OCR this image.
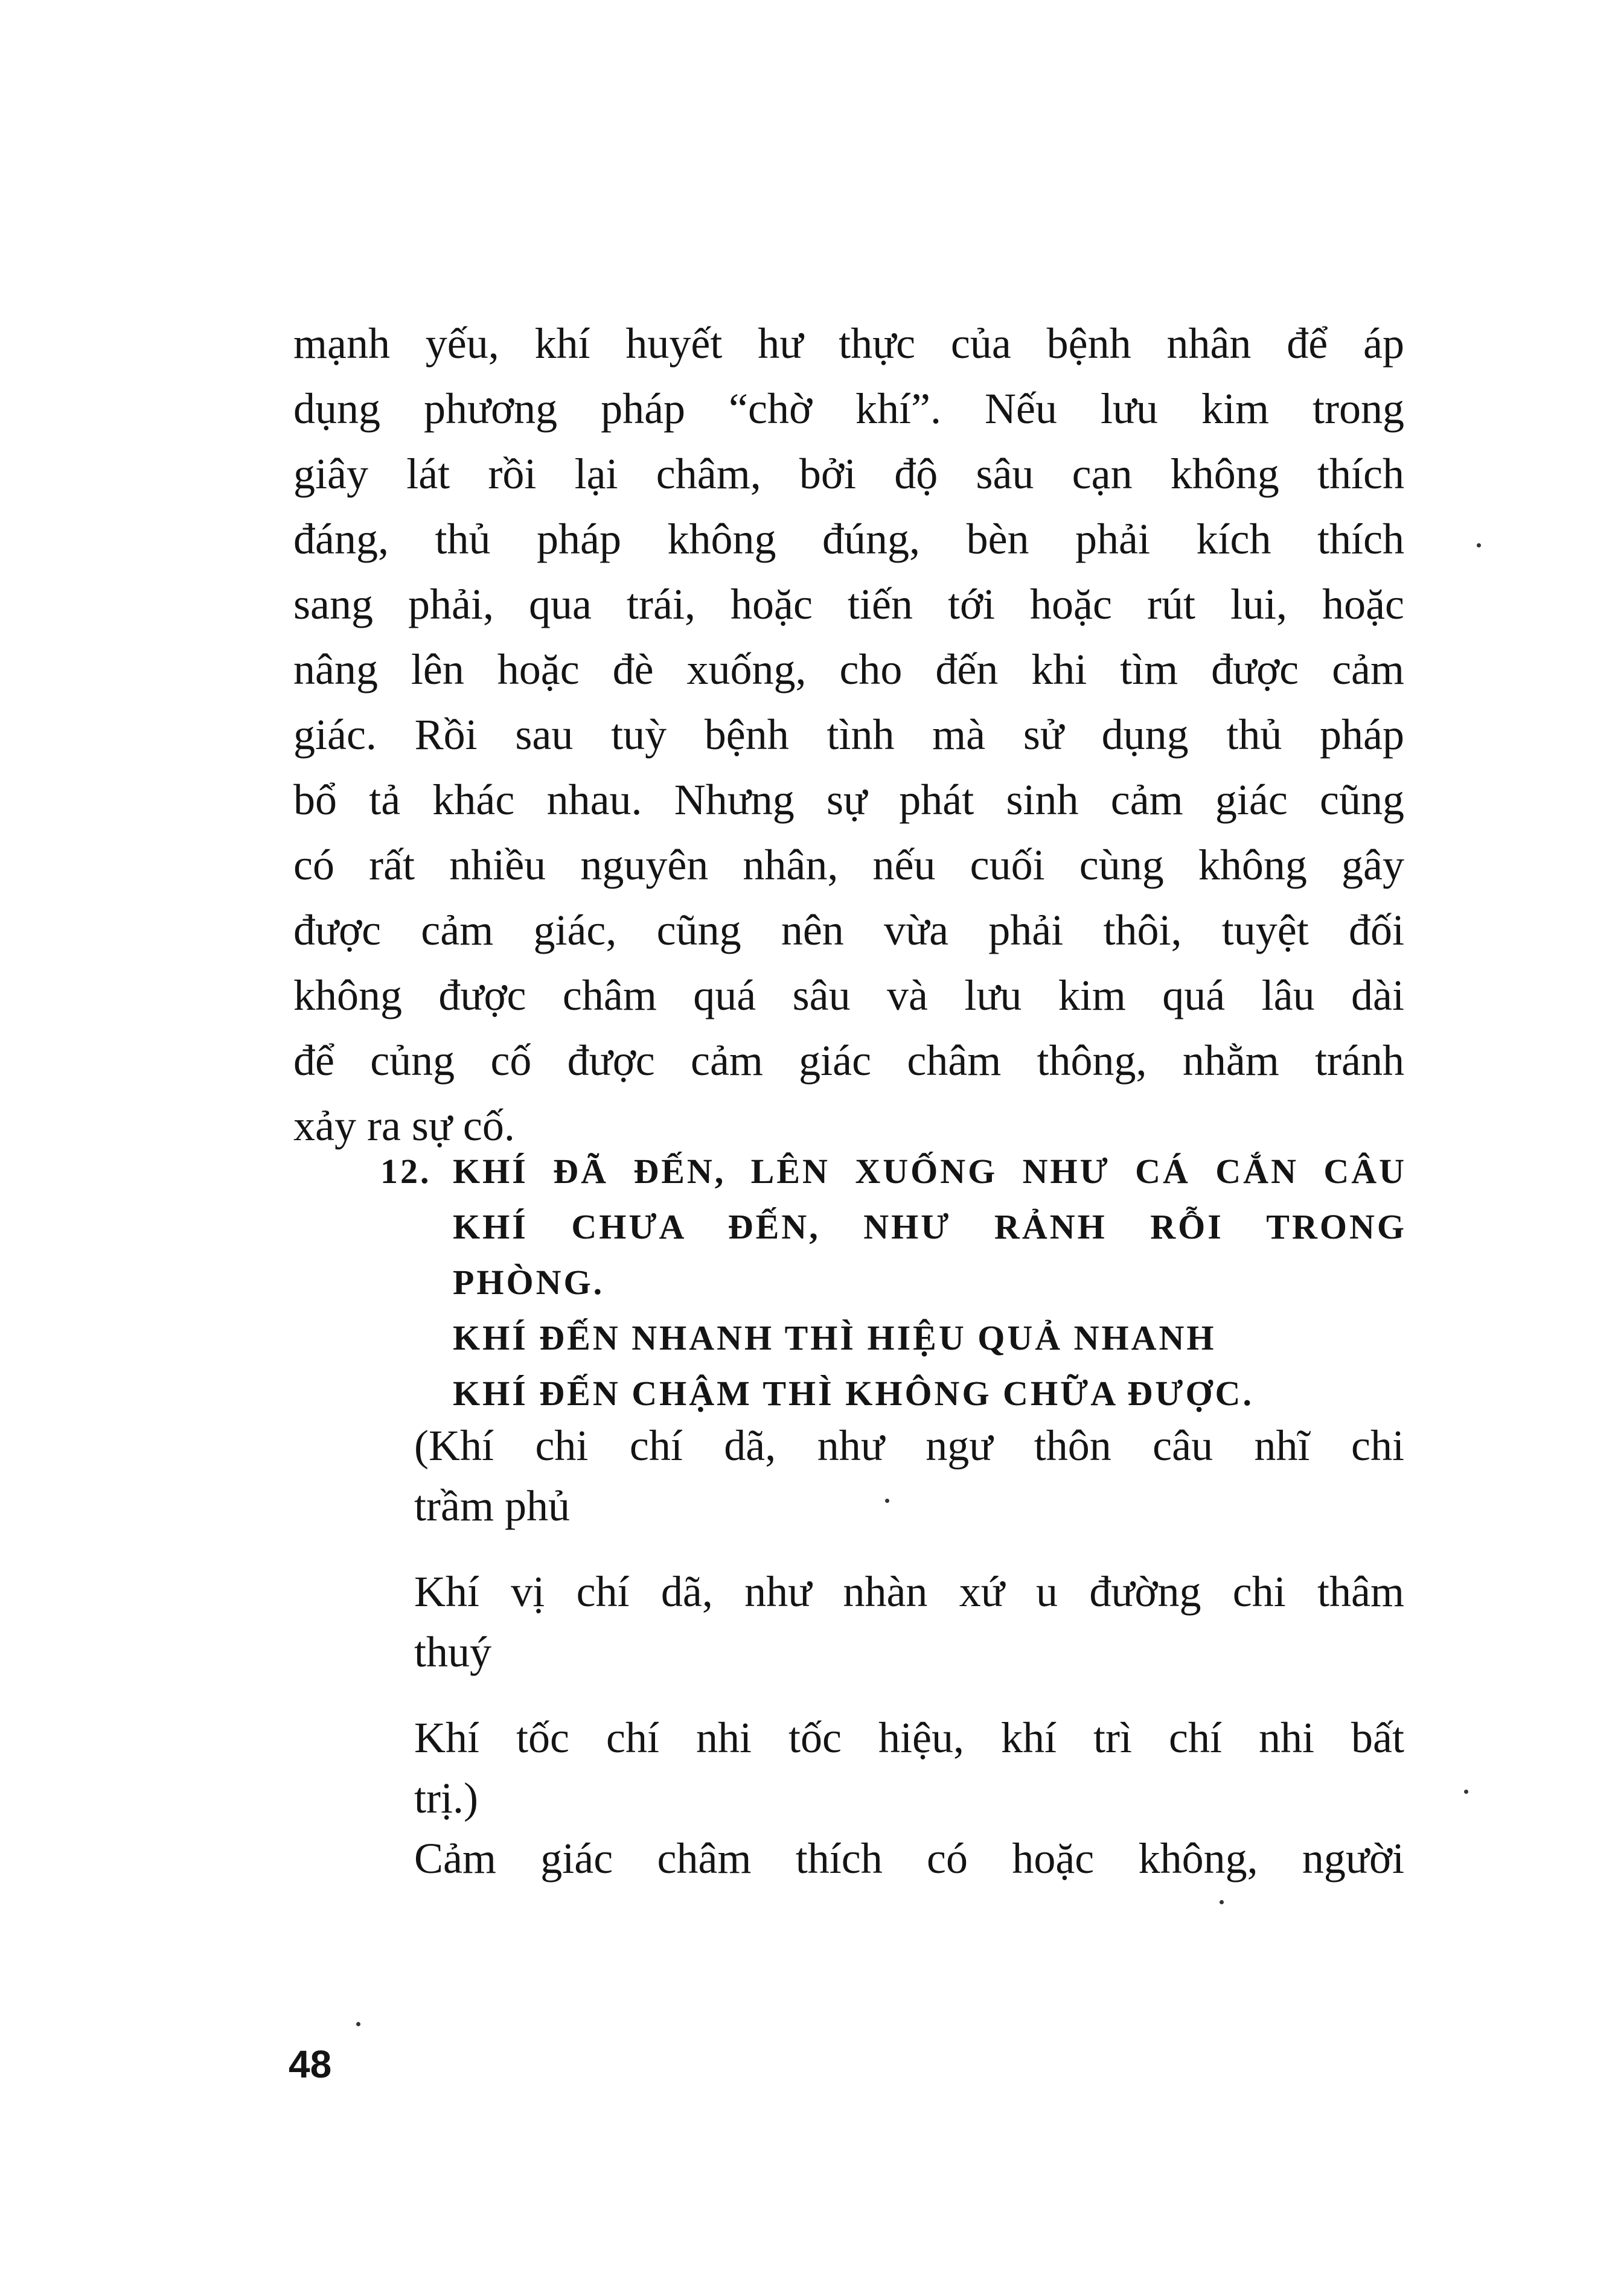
mạnh yếu, khí huyết hư thực của bệnh nhân để áp
dụng phương pháp “chờ khí”. Nếu lưu kim trong
giây lát rồi lại châm, bởi độ sâu cạn không thích
đáng, thủ pháp không đúng, bèn phải kích thích
sang phải, qua trái, hoặc tiến tới hoặc rút lui, hoặc
nâng lên hoặc đè xuống, cho đến khi tìm được cảm
giác. Rồi sau tuỳ bệnh tình mà sử dụng thủ pháp
bổ tả khác nhau. Nhưng sự phát sinh cảm giác cũng
có rất nhiều nguyên nhân, nếu cuối cùng không gây
được cảm giác, cũng nên vừa phải thôi, tuyệt đối
không được châm quá sâu và lưu kim quá lâu dài
để củng cố được cảm giác châm thông, nhằm tránh
xảy ra sự cố.
12. KHÍ ĐÃ ĐẾN, LÊN XUỐNG NHƯ CÁ CẮN CÂU
KHÍ CHƯA ĐẾN, NHƯ RẢNH RỖI TRONG
PHÒNG.
KHÍ ĐẾN NHANH THÌ HIỆU QUẢ NHANH
KHÍ ĐẾN CHẬM THÌ KHÔNG CHỮA ĐƯỢC.
(Khí chi chí dã, như ngư thôn câu nhĩ chi
trầm phủ
Khí vị chí dã, như nhàn xứ u đường chi thâm
thuý
Khí tốc chí nhi tốc hiệu, khí trì chí nhi bất
trị.)
Cảm giác châm thích có hoặc không, người
48
